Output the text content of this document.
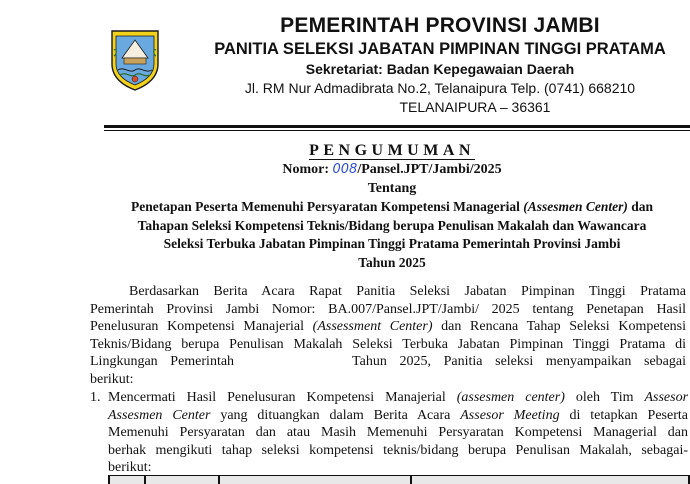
PEMERINTAH PROVINSI JAMBI
PANITIA SELEKSI JABATAN PIMPINAN TINGGI PRATAMA
Sekretariat: Badan Kepegawaian Daerah
Jl. RM Nur Admadibrata No.2, Telanaipura Telp. (0741) 668210
TELANAIPURA – 36361
PENGUMUMAN
Nomor: 008/Pansel.JPT/Jambi/2025
Tentang
Penetapan Peserta Memenuhi Persyaratan Kompetensi Managerial (Assesmen Center) dan
Tahapan Seleksi Kompetensi Teknis/Bidang berupa Penulisan Makalah dan Wawancara
Seleksi Terbuka Jabatan Pimpinan Tinggi Pratama Pemerintah Provinsi Jambi
Tahun 2025
Berdasarkan Berita Acara Rapat Panitia Seleksi Jabatan Pimpinan Tinggi Pratama
Pemerintah Provinsi Jambi Nomor: BA.007/Pansel.JPT/Jambi/ 2025 tentang Penetapan Hasil
Penelusuran Kompetensi Manajerial (Assessment Center) dan Rencana Tahap Seleksi Kompetensi
Teknis/Bidang berupa Penulisan Makalah Seleksi Terbuka Jabatan Pimpinan Tinggi Pratama di
Lingkungan Pemerintah	Tahun 2025, Panitia seleksi menyampaikan sebagai
berikut:
1. Mencermati Hasil Penelusuran Kompetensi Manajerial (assesmen center) oleh Tim Assesor
Assesmen Center yang dituangkan dalam Berita Acara Assesor Meeting di tetapkan Peserta
Memenuhi Persyaratan dan atau Masih Memenuhi Persyaratan Kompetensi Managerial dan
berhak mengikuti tahap seleksi kompetensi teknis/bidang berupa Penulisan Makalah, sebagai-
berikut:
